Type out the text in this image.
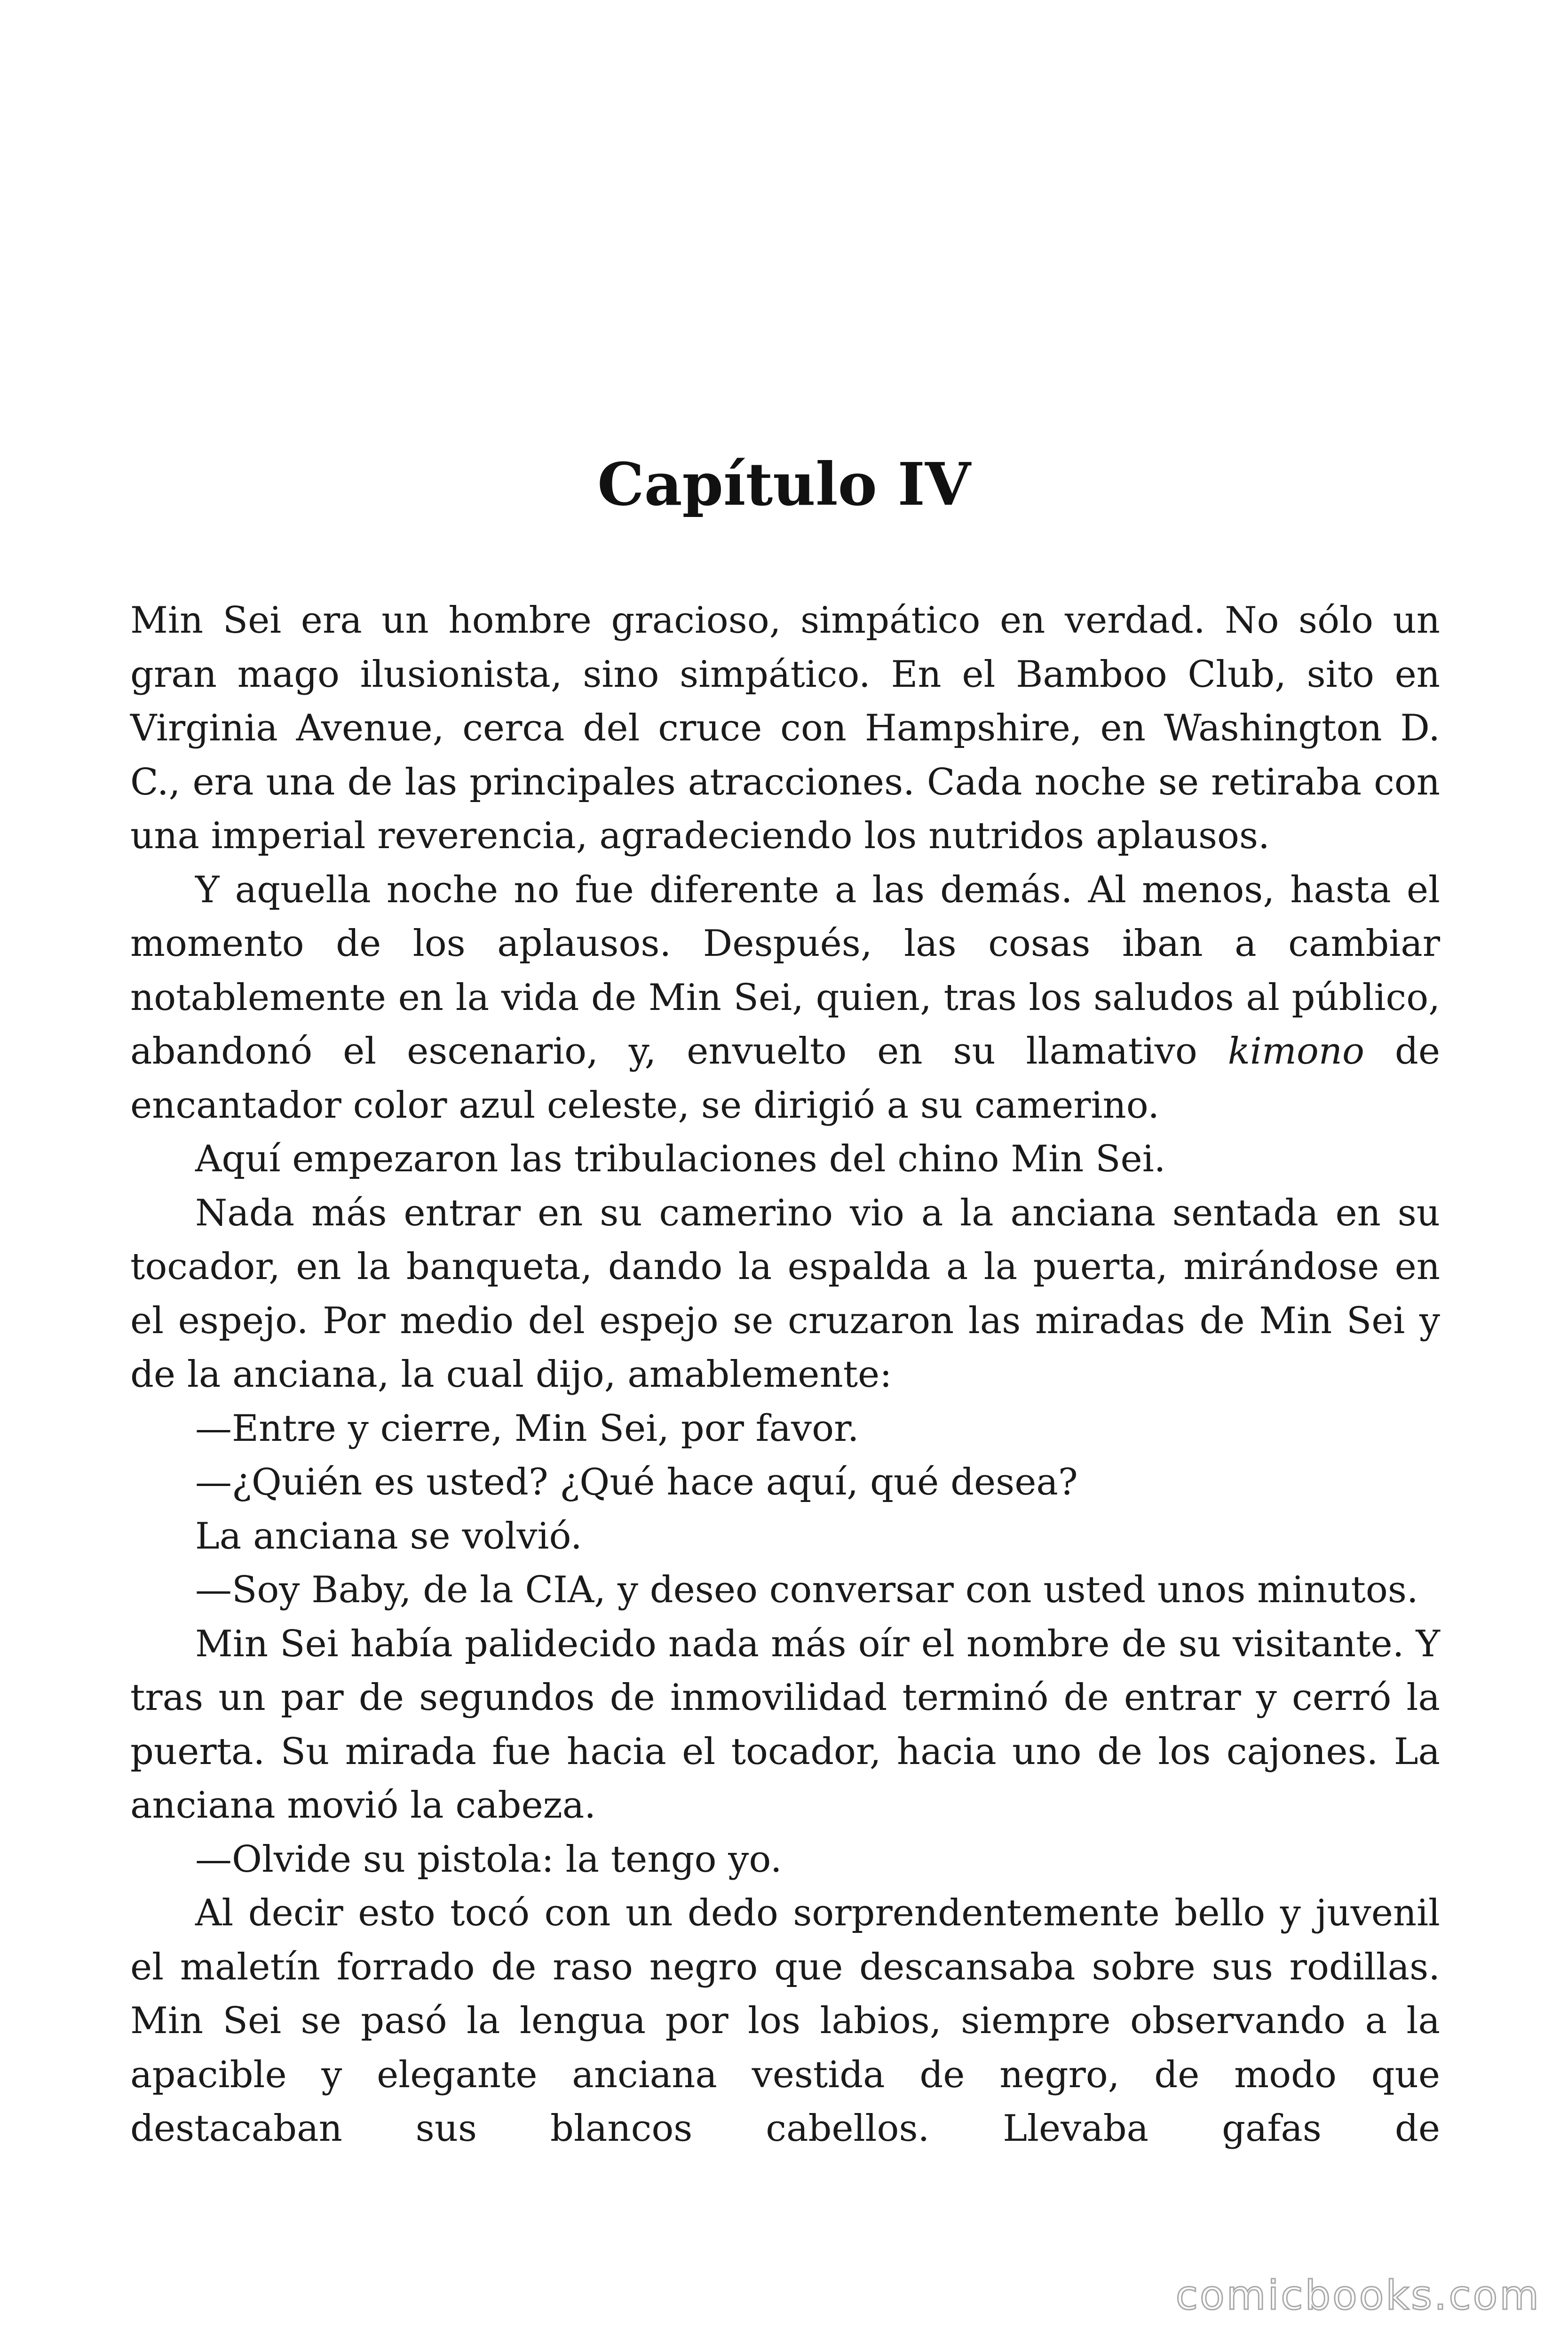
Capítulo IV

Min Sei era un hombre gracioso, simpático en verdad. No sólo un gran mago ilusionista, sino simpático. En el Bamboo Club, sito en Virginia Avenue, cerca del cruce con Hampshire, en Washington D. C., era una de las principales atracciones. Cada noche se retiraba con una imperial reverencia, agradeciendo los nutridos aplausos.

Y aquella noche no fue diferente a las demás. Al menos, hasta el momento de los aplausos. Después, las cosas iban a cambiar notablemente en la vida de Min Sei, quien, tras los saludos al público, abandonó el escenario, y, envuelto en su llamativo kimono de encantador color azul celeste, se dirigió a su camerino.

Aquí empezaron las tribulaciones del chino Min Sei.

Nada más entrar en su camerino vio a la anciana sentada en su tocador, en la banqueta, dando la espalda a la puerta, mirándose en el espejo. Por medio del espejo se cruzaron las miradas de Min Sei y de la anciana, la cual dijo, amablemente:

—Entre y cierre, Min Sei, por favor.

—¿Quién es usted? ¿Qué hace aquí, qué desea?

La anciana se volvió.

—Soy Baby, de la CIA, y deseo conversar con usted unos minutos.

Min Sei había palidecido nada más oír el nombre de su visitante. Y tras un par de segundos de inmovilidad terminó de entrar y cerró la puerta. Su mirada fue hacia el tocador, hacia uno de los cajones. La anciana movió la cabeza.

—Olvide su pistola: la tengo yo.

Al decir esto tocó con un dedo sorprendentemente bello y juvenil el maletín forrado de raso negro que descansaba sobre sus rodillas. Min Sei se pasó la lengua por los labios, siempre observando a la apacible y elegante anciana vestida de negro, de modo que destacaban sus blancos cabellos. Llevaba gafas de

comicbooks.com
